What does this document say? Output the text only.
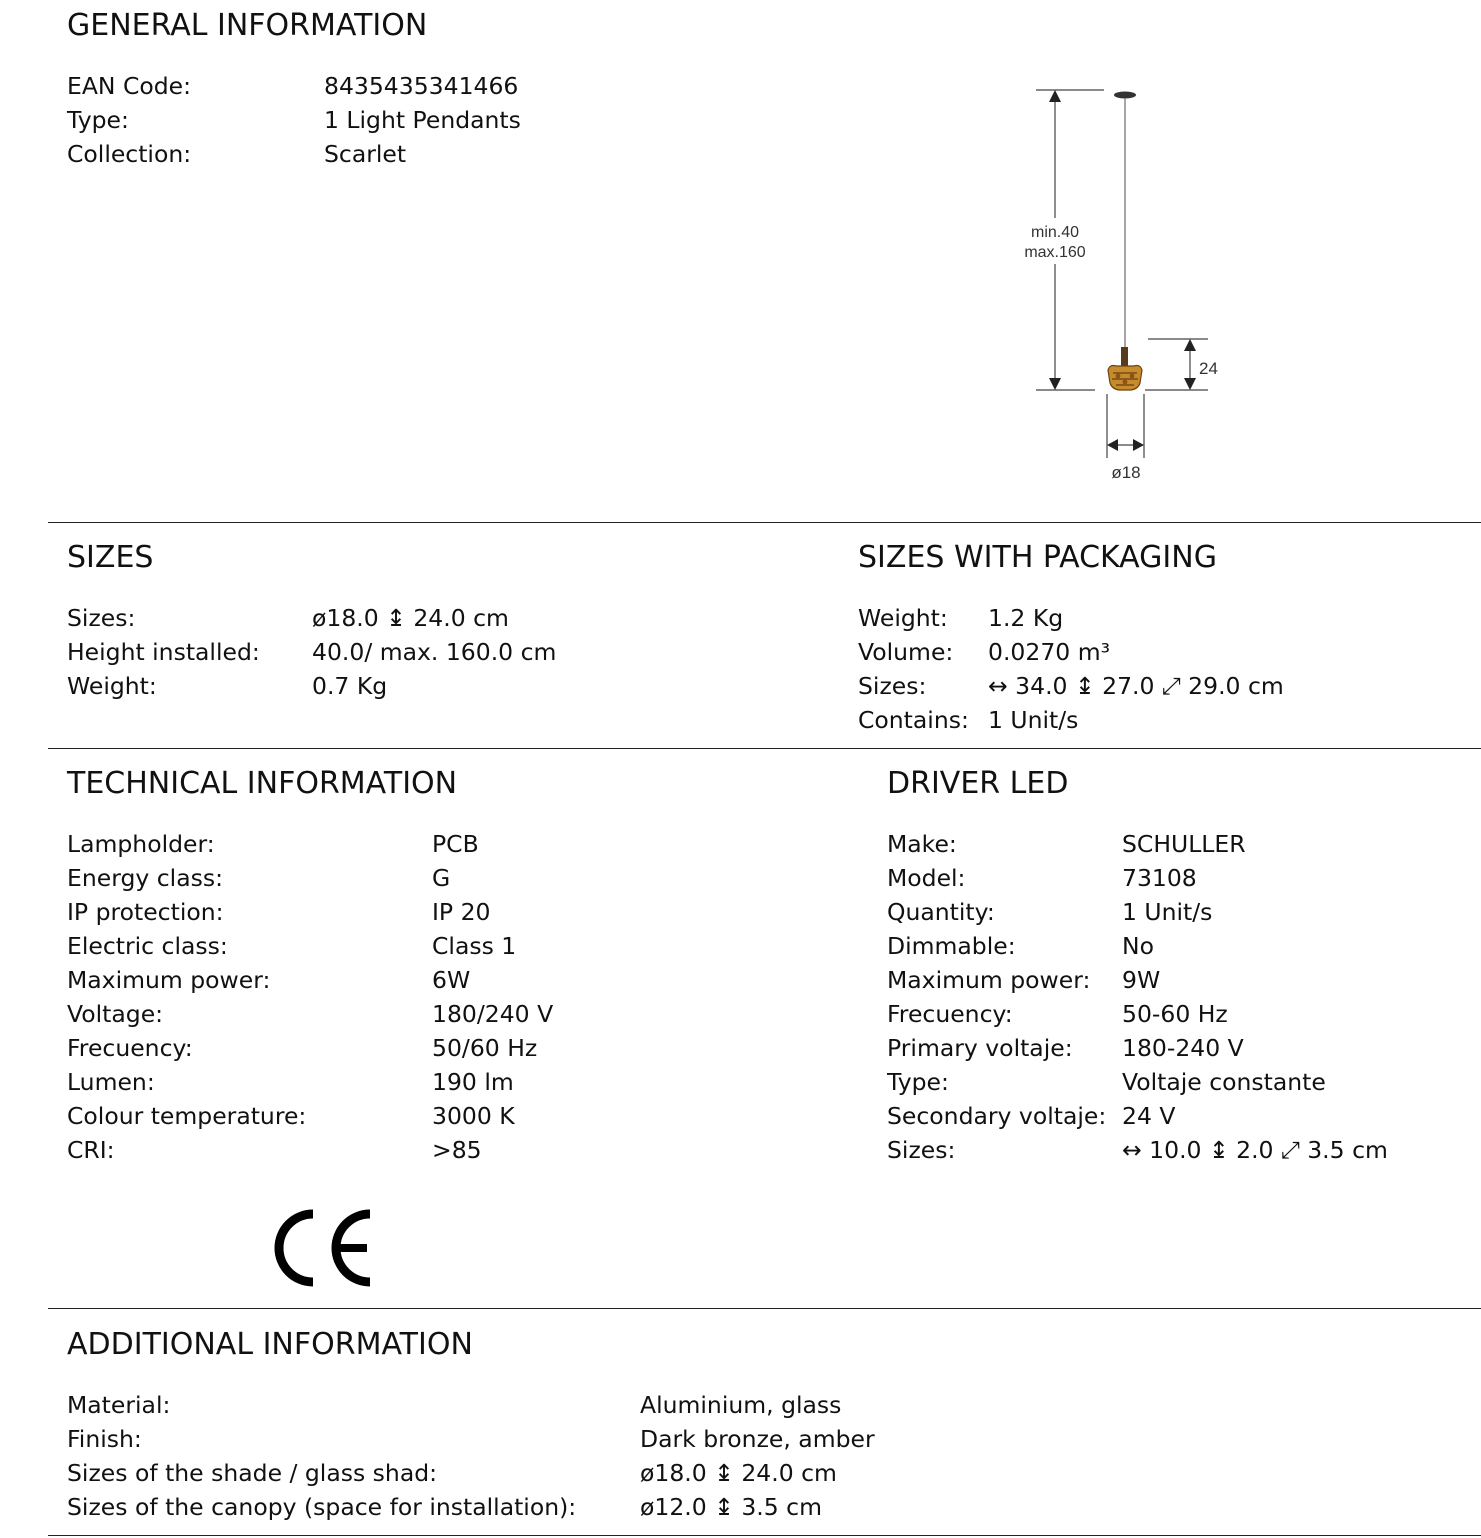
GENERAL INFORMATION
EAN Code:	8435435341466
Type:	1 Light Pendants
Collection:	Scarlet
min.40
max.160
24
ø18
SIZES
Sizes:	ø18.0 ↨ 24.0 cm
Height installed: 40.0/ max. 160.0 cm
Weight:	0.7 Kg
SIZES WITH PACKAGING
Weight: 1.2 Kg
Volume: 0.0270 m³
Sizes:	↔ 34.0 ↨ 27.0 ⤢ 29.0 cm
Contains: 1 Unit/s
TECHNICAL INFORMATION
Lampholder:	PCB
Energy class:	G
IP protection:	IP 20
Electric class:	Class 1
Maximum power:	6W
Voltage:	180/240 V
Frecuency:	50/60 Hz
Lumen:	190 lm
Colour temperature:	3000 K
CRI:	>85
DRIVER LED
Make:	SCHULLER
Model:	73108
Quantity:	1 Unit/s
Dimmable:	No
Maximum power: 9W
Frecuency:	50-60 Hz
Primary voltaje: 180-240 V
Type:	Voltaje constante
Secondary voltaje: 24 V
Sizes:	↔ 10.0 ↨ 2.0 ⤢ 3.5 cm
ADDITIONAL INFORMATION
Material:	Aluminium, glass
Finish:	Dark bronze, amber
Sizes of the shade / glass shad:	ø18.0 ↨ 24.0 cm
Sizes of the canopy (space for installation):	ø12.0 ↨ 3.5 cm
